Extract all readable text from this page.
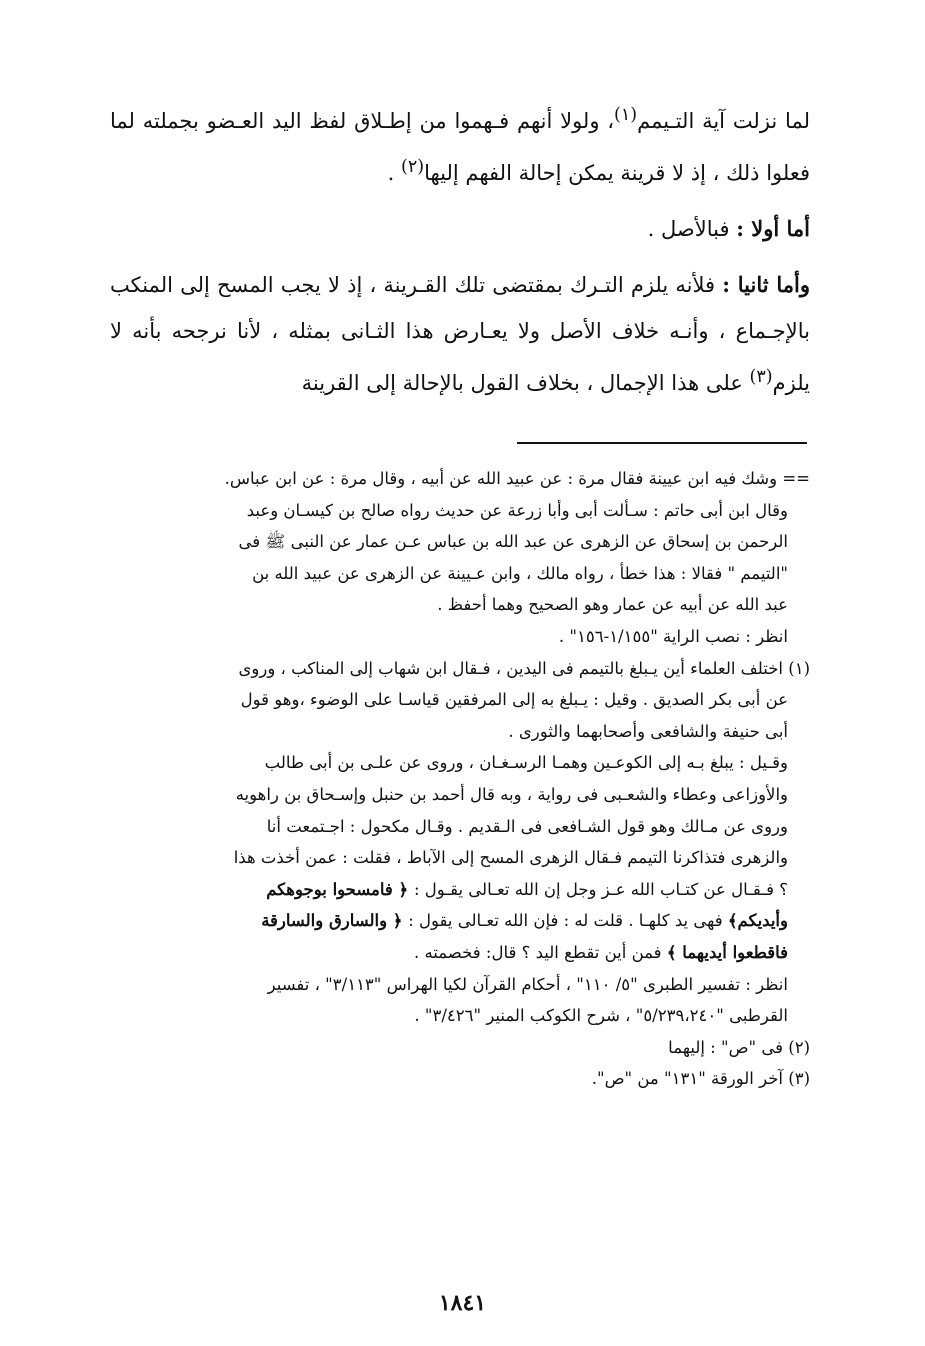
لما نزلت آية التـيمم$^{(١)}$، ولولا أنهم فـهموا من إطـلاق لفظ اليد العـضو بجملته لما فعلوا ذلك ، إذ لا قرينة يمكن إحالة الفهم إليها$^{(٢)}$ .

أما أولا : فبالأصل .

وأما ثانيا : فلأنه يلزم التـرك بمقتضى تلك القـرينة ، إذ لا يجب المسح إلى المنكب بالإجـماع ، وأنـه خلاف الأصل ولا يعـارض هذا الثـانى بمثله ، لأنا نرجحه بأنه لا يلزم$^{(٣)}$ على هذا الإجمال ، بخلاف القول بالإحالة إلى القرينة

== وشك فيه ابن عيينة فقال مرة : عن عبيد الله عن أبيه ، وقال مرة : عن ابن عباس.
وقال ابن أبى حاتم : سـألت أبى وأبا زرعة عن حديث رواه صالح بن كيسـان وعبد
الرحمن بن إسحاق عن الزهرى عن عبد الله بن عباس عـن عمار عن النبى ﷺ فى
"التيمم " فقالا : هذا خطأ ، رواه مالك ، وابن عـيينة عن الزهرى عن عبيد الله بن
عبد الله عن أبيه عن عمار وهو الصحيح وهما أحفظ .
انظر : نصب الراية "١/١٥٥-١٥٦" .
(١) اختلف العلماء أين يـبلغ بالتيمم فى اليدين ، فـقال ابن شهاب إلى المناكب ، وروى
عن أبى بكر الصديق . وقيل : يـبلغ به إلى المرفقين قياسـا على الوضوء ،وهو قول
أبى حنيفة والشافعى وأصحابهما والثورى .
وقـيل : يبلغ بـه إلى الكوعـين وهمـا الرسـغـان ، وروى عن علـى بن أبى طالب
والأوزاعى وعطاء والشعـبى فى رواية ، وبه قال أحمد بن حنبل وإسـحاق بن راهويه
وروى عن مـالك وهو قول الشـافعى فى الـقديم . وقـال مكحول : اجـتمعت أنا
والزهرى فتذاكرنا التيمم فـقال الزهرى المسح إلى الآباط ، فقلت : عمن أخذت هذا
؟ فـقـال عن كتـاب الله عـز وجل إن الله تعـالى يقـول : ﴿ فامسحوا بوجوهكم
وأيديكم﴾ فهى يد كلهـا . قلت له : فإن الله تعـالى يقول : ﴿ والسارق والسارقة
فاقطعوا أيديهما ﴾ فمن أين تقطع اليد ؟ قال: فخصمته .
انظر : تفسير الطبرى "٥/ ١١٠" ، أحكام القرآن لكيا الهراس "٣/١١٣" ، تفسير
القرطبى "٥/٢٣٩،٢٤٠" ، شرح الكوكب المنير "٣/٤٢٦" .
(٢) فى "ص" : إليهما
(٣) آخر الورقة "١٣١" من "ص".
١٨٤١
